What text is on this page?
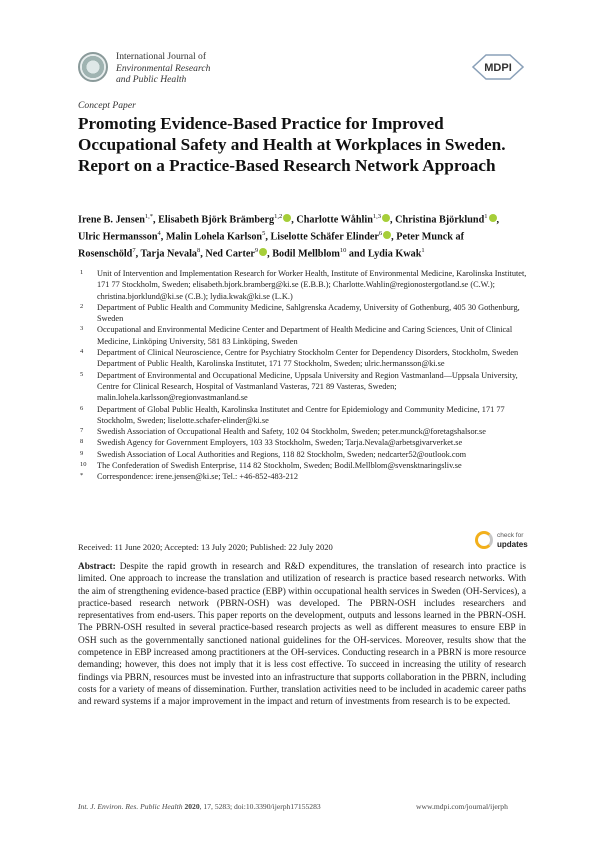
International Journal of
Environmental Research
and Public Health
MDPI
Concept Paper
Promoting Evidence-Based Practice for Improved Occupational Safety and Health at Workplaces in Sweden. Report on a Practice-Based Research Network Approach
Irene B. Jensen$^{1,*}$, Elisabeth Björk Brämberg$^{1,2}$ , Charlotte Wåhlin$^{1,3}$ , Christina Björklund$^1$ , Ulric Hermansson$^4$, Malin Lohela Karlson$^5$, Liselotte Schäfer Elinder$^6$ , Peter Munck af Rosenschöld$^7$, Tarja Nevala$^8$, Ned Carter$^9$ , Bodil Mellblom$^{10}$ and Lydia Kwak$^1$
1	Unit of Intervention and Implementation Research for Worker Health, Institute of Environmental Medicine, Karolinska Institutet, 171 77 Stockholm, Sweden; elisabeth.bjork.bramberg@ki.se (E.B.B.); Charlotte.Wahlin@regionostergotland.se (C.W.); christina.bjorklund@ki.se (C.B.); lydia.kwak@ki.se (L.K.)
2	Department of Public Health and Community Medicine, Sahlgrenska Academy, University of Gothenburg, 405 30 Gothenburg, Sweden
3	Occupational and Environmental Medicine Center and Department of Health Medicine and Caring Sciences, Unit of Clinical Medicine, Linköping University, 581 83 Linköping, Sweden
4	Department of Clinical Neuroscience, Centre for Psychiatry Stockholm Center for Dependency Disorders, Stockholm, Sweden Department of Public Health, Karolinska Institutet, 171 77 Stockholm, Sweden; ulric.hermansson@ki.se
5	Department of Environmental and Occupational Medicine, Uppsala University and Region Vastmanland—Uppsala University, Centre for Clinical Research, Hospital of Vastmanland Vasteras, 721 89 Vasteras, Sweden; malin.lohela.karlsson@regionvastmanland.se
6	Department of Global Public Health, Karolinska Institutet and Centre for Epidemiology and Community Medicine, 171 77 Stockholm, Sweden; liselotte.schafer-elinder@ki.se
7	Swedish Association of Occupational Health and Safety, 102 04 Stockholm, Sweden; peter.munck@foretagshalsor.se
8	Swedish Agency for Government Employers, 103 33 Stockholm, Sweden; Tarja.Nevala@arbetsgivarverket.se
9	Swedish Association of Local Authorities and Regions, 118 82 Stockholm, Sweden; nedcarter52@outlook.com
10	The Confederation of Swedish Enterprise, 114 82 Stockholm, Sweden; Bodil.Mellblom@svensktnaringsliv.se
*	Correspondence: irene.jensen@ki.se; Tel.: +46-852-483-212
Received: 11 June 2020; Accepted: 13 July 2020; Published: 22 July 2020
check for
updates
Abstract: Despite the rapid growth in research and R&D expenditures, the translation of research into practice is limited. One approach to increase the translation and utilization of research is practice based research networks. With the aim of strengthening evidence-based practice (EBP) within occupational health services in Sweden (OH-Services), a practice-based research network (PBRN-OSH) was developed. The PBRN-OSH includes researchers and representatives from end-users. This paper reports on the development, outputs and lessons learned in the PBRN-OSH. The PBRN-OSH resulted in several practice-based research projects as well as different measures to ensure EBP in OSH such as the governmentally sanctioned national guidelines for the OH-services. Moreover, results show that the competence in EBP increased among practitioners at the OH-services. Conducting research in a PBRN is more resource demanding; however, this does not imply that it is less cost effective. To succeed in increasing the utility of research findings via PBRN, resources must be invested into an infrastructure that supports collaboration in the PBRN, including costs for a variety of means of dissemination. Further, translation activities need to be included in academic career paths and reward systems if a major improvement in the impact and return of investments from research is to be expected.
Int. J. Environ. Res. Public Health 2020, 17, 5283; doi:10.3390/ijerph17155283	www.mdpi.com/journal/ijerph
